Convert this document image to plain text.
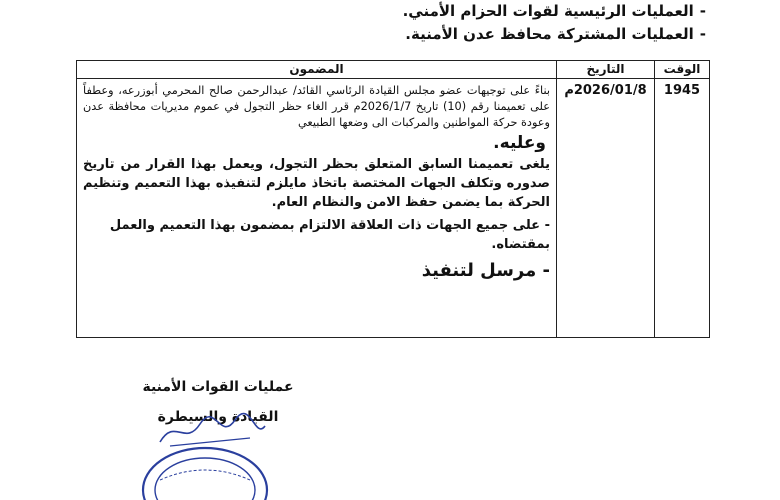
-العمليات الرئيسية لقوات الحزام الأمني.
-العمليات المشتركة محافظ عدن الأمنية.
الوقت	التاريخ	المضمون
1945	2026/01/8م	بناءً على توجيهات عضو مجلس القيادة الرئاسي القائد/ عبدالرحمن صالح المحرمي أبوزرعه، وعطفاً على تعميمنا رقم (10) تاريخ 2026/1/7م قرر الغاء حظر التجول في عموم مديريات محافظة عدن وعودة حركة المواطنين والمركبات الى وضعها الطبيعي
وعليه.
يلغى تعميمنا السابق المتعلق بحظر التجول، ويعمل بهذا القرار من تاريخ صدوره وتكلف الجهات المختصة باتخاذ مايلزم لتنفيذه بهذا التعميم وتنظيم الحركة بما يضمن حفظ الامن والنظام العام.
- على جميع الجهات ذات العلاقة الالتزام بمضمون بهذا التعميم والعمل بمقتضاه.
- مرسل لتنفيذ
عمليات القوات الأمنية
القيادة والسيطرة
